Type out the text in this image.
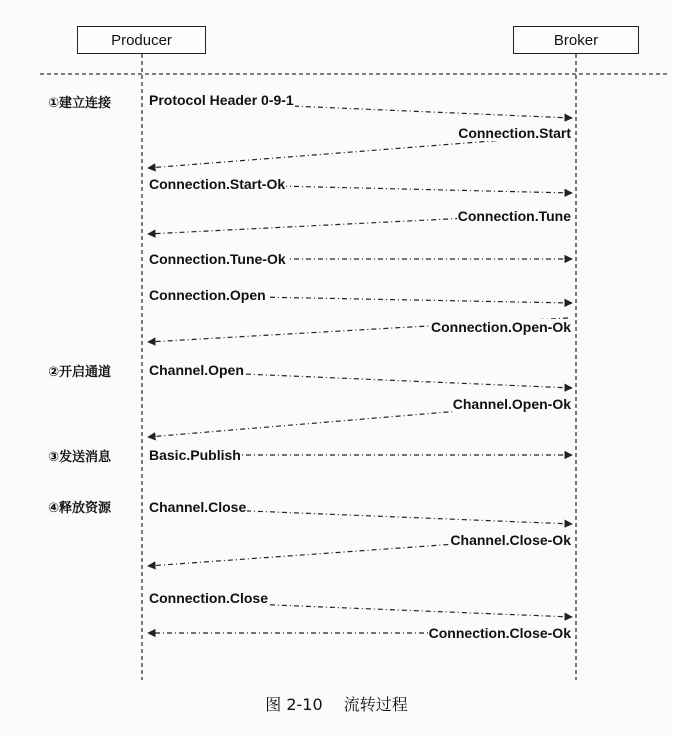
Producer	Broker
①建立连接
②开启通道
③发送消息
④释放资源
Protocol Header 0-9-1
Connection.Start
Connection.Start-Ok
Connection.Tune
Connection.Tune-Ok
Connection.Open
Connection.Open-Ok
Channel.Open
Channel.Open-Ok
Basic.Publish
Channel.Close
Channel.Close-Ok
Connection.Close
Connection.Close-Ok
图 2-10 流转过程
